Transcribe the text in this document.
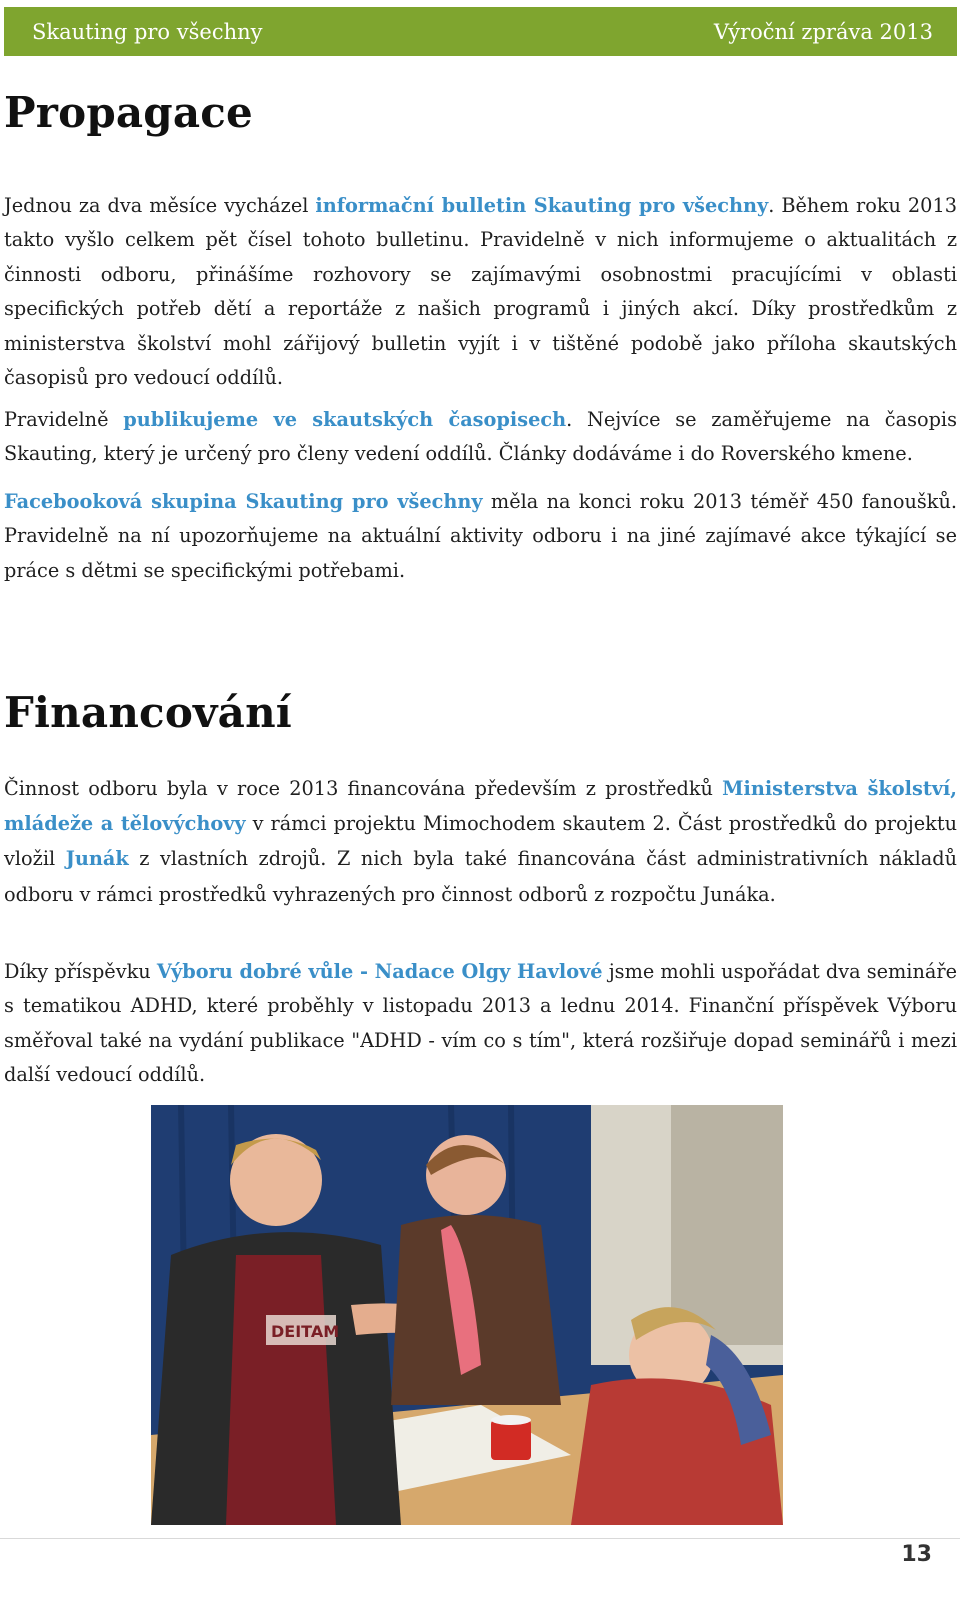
Skauting pro všechny	Výroční zpráva 2013
Propagace

Jednou za dva měsíce vycházel informační bulletin Skauting pro všechny. Během roku 2013 takto vyšlo celkem pět čísel tohoto bulletinu. Pravidelně v nich informujeme o aktualitách z činnosti odboru, přinášíme rozhovory se zajímavými osobnostmi pracujícími v oblasti specifických potřeb dětí a reportáže z našich programů i jiných akcí. Díky prostředkům z ministerstva školství mohl zářijový bulletin vyjít i v tištěné podobě jako příloha skautských časopisů pro vedoucí oddílů.

Pravidelně publikujeme ve skautských časopisech. Nejvíce se zaměřujeme na časopis Skauting, který je určený pro členy vedení oddílů. Články dodáváme i do Roverského kmene.

Facebooková skupina Skauting pro všechny měla na konci roku 2013 téměř 450 fanoušků. Pravidelně na ní upozorňujeme na aktuální aktivity odboru i na jiné zajímavé akce týkající se práce s dětmi se specifickými potřebami.

Financování

Činnost odboru byla v roce 2013 financována především z prostředků Ministerstva školství, mládeže a tělovýchovy v rámci projektu Mimochodem skautem 2. Část prostředků do projektu vložil Junák z vlastních zdrojů. Z nich byla také financována část administrativních nákladů odboru v rámci prostředků vyhrazených pro činnost odborů z rozpočtu Junáka.

Díky příspěvku Výboru dobré vůle - Nadace Olgy Havlové jsme mohli uspořádat dva semináře s tematikou ADHD, které proběhly v listopadu 2013 a lednu 2014. Finanční příspěvek Výboru směřoval také na vydání publikace "ADHD - vím co s tím", která rozšiřuje dopad seminářů i mezi další vedoucí oddílů.

DEITAM
13
